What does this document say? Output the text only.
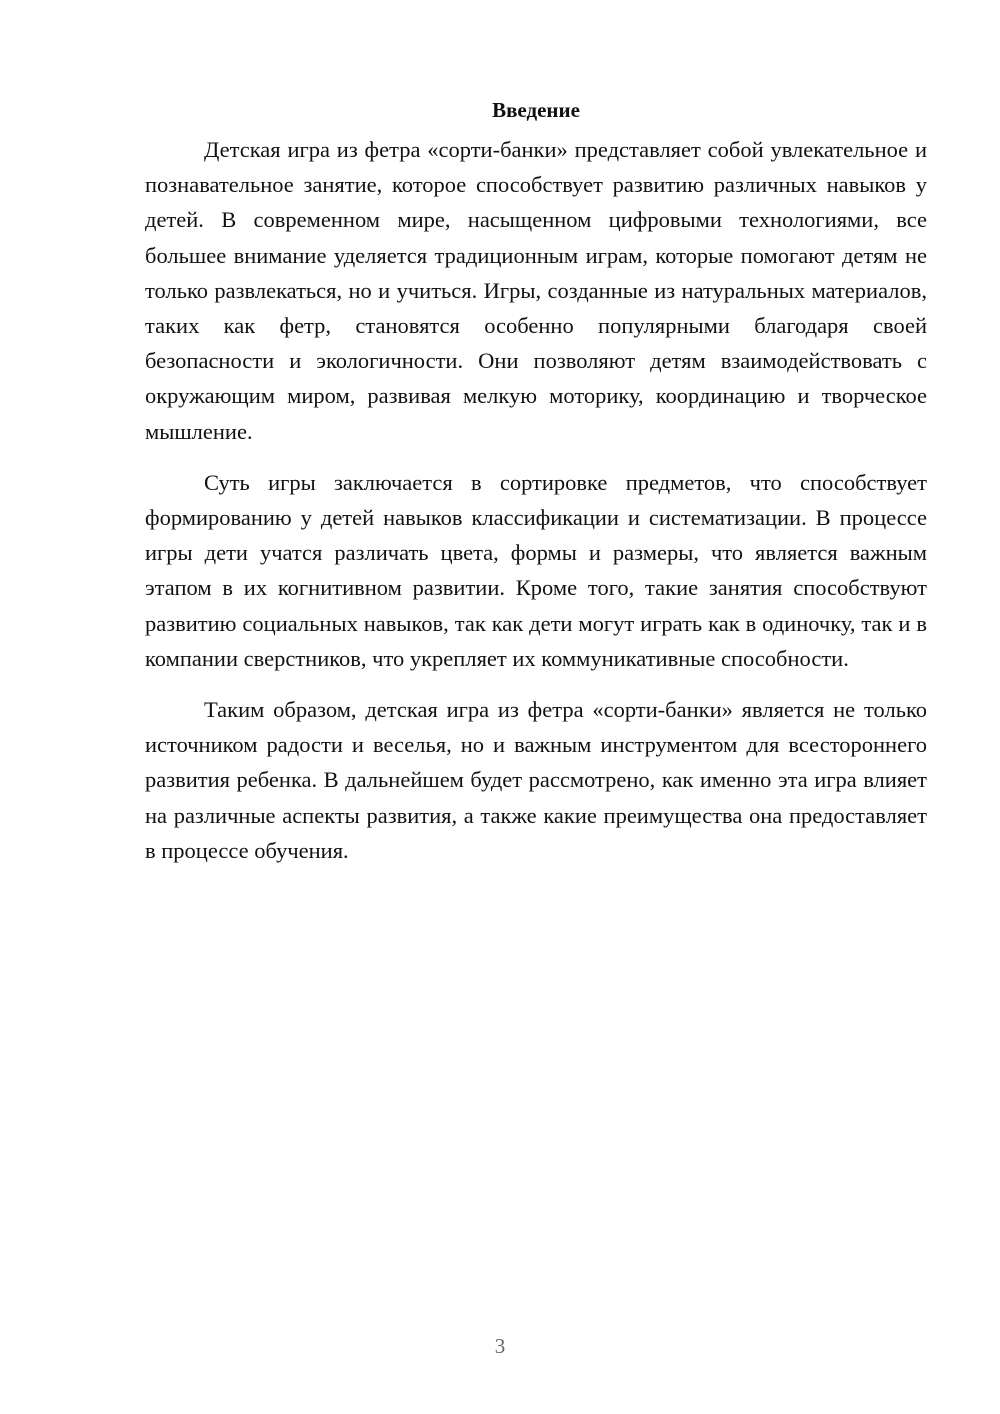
Введение

Детская игра из фетра «сорти-банки» представляет собой увлекательное и познавательное занятие, которое способствует развитию различных навыков у детей. В современном мире, насыщенном цифровыми технологиями, все большее внимание уделяется традиционным играм, которые помогают детям не только развлекаться, но и учиться. Игры, созданные из натуральных материалов, таких как фетр, становятся особенно популярными благодаря своей безопасности и экологичности. Они позволяют детям взаимодействовать с окружающим миром, развивая мелкую моторику, координацию и творческое мышление.

Суть игры заключается в сортировке предметов, что способствует формированию у детей навыков классификации и систематизации. В процессе игры дети учатся различать цвета, формы и размеры, что является важным этапом в их когнитивном развитии. Кроме того, такие занятия способствуют развитию социальных навыков, так как дети могут играть как в одиночку, так и в компании сверстников, что укрепляет их коммуникативные способности.

Таким образом, детская игра из фетра «сорти-банки» является не только источником радости и веселья, но и важным инструментом для всестороннего развития ребенка. В дальнейшем будет рассмотрено, как именно эта игра влияет на различные аспекты развития, а также какие преимущества она предоставляет в процессе обучения.

3
